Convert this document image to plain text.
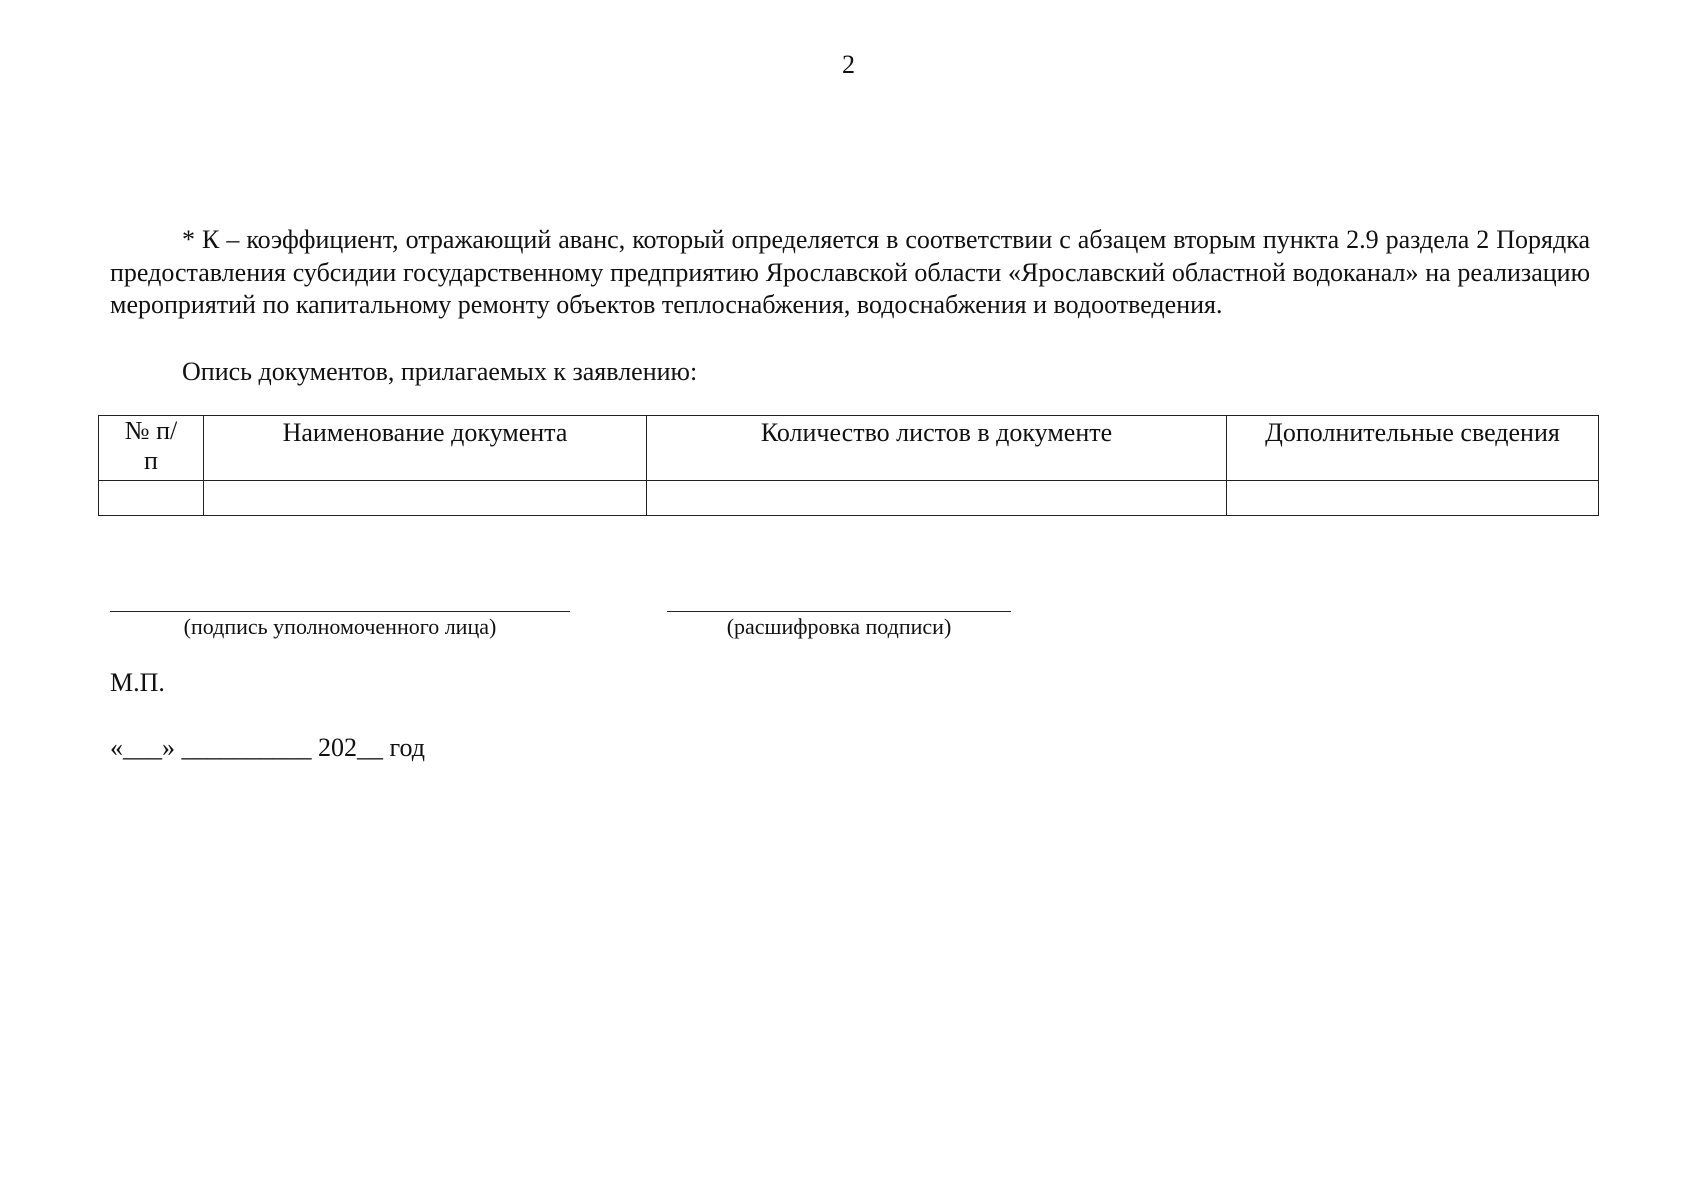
2

* К – коэффициент, отражающий аванс, который определяется в соответствии с абзацем вторым пункта 2.9 раздела 2 Порядка предоставления субсидии государственному предприятию Ярославской области «Ярославский областной водоканал» на реализацию мероприятий по капитальному ремонту объектов теплоснабжения, водоснабжения и водоотведения.

Опись документов, прилагаемых к заявлению:

№ п/п	Наименование документа	Количество листов в документе	Дополнительные сведения

(подпись уполномоченного лица)	(расшифровка подписи)
М.П.
«___» __________ 202__ год
